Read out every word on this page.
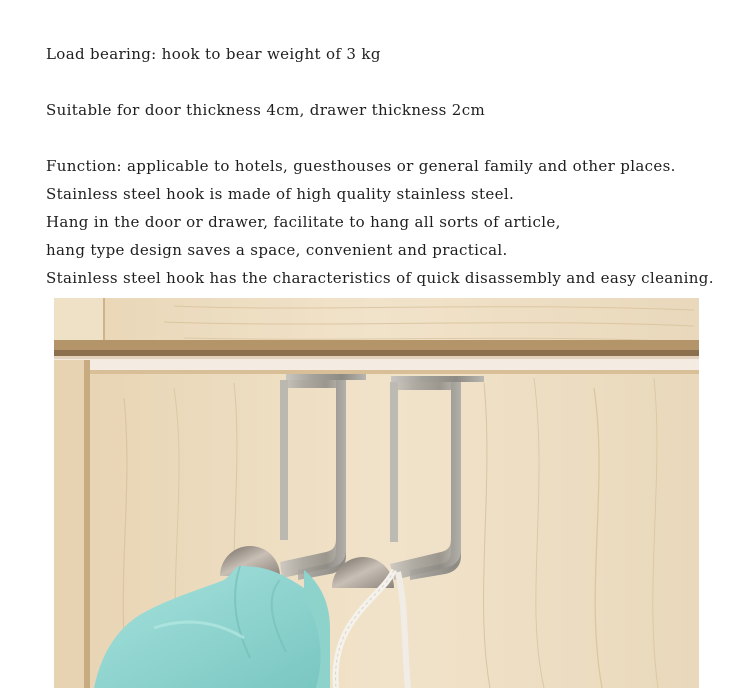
Load bearing: hook to bear weight of 3 kg
Suitable for door thickness 4cm, drawer thickness 2cm
Function: applicable to hotels, guesthouses or general family and other places.
Stainless steel hook is made of high quality stainless steel.
Hang in the door or drawer, facilitate to hang all sorts of article,
hang type design saves a space, convenient and practical.
Stainless steel hook has the characteristics of quick disassembly and easy cleaning.
